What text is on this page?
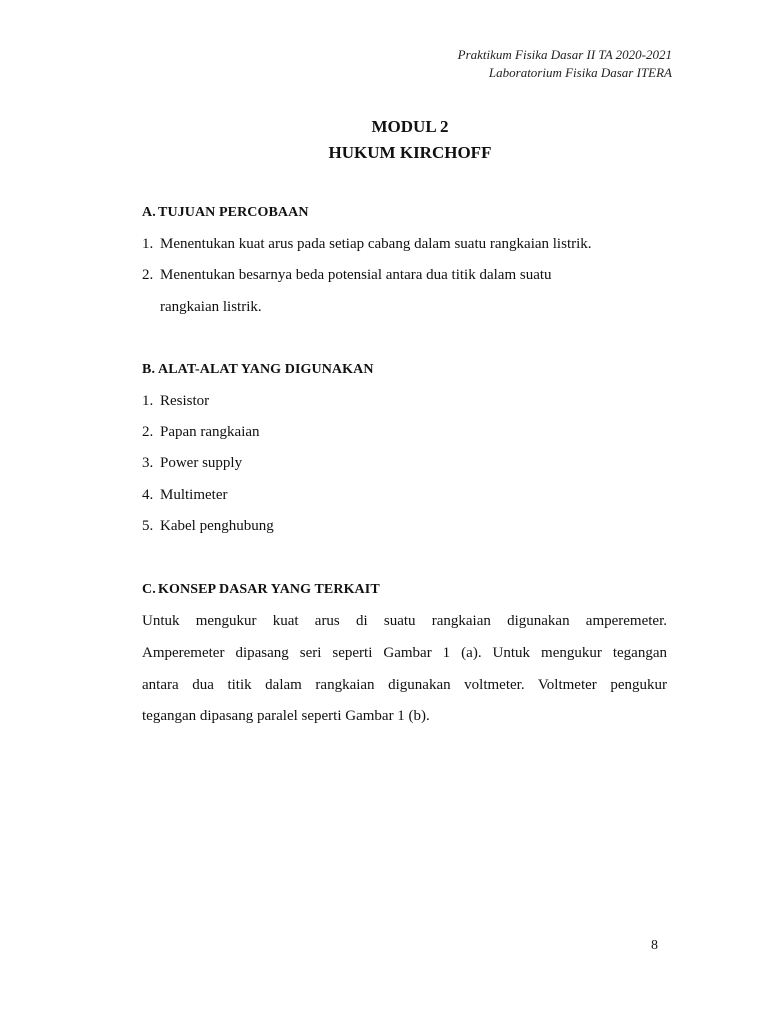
Praktikum Fisika Dasar II TA 2020-2021
Laboratorium Fisika Dasar ITERA
MODUL 2
HUKUM KIRCHOFF
A. TUJUAN PERCOBAAN
1. Menentukan kuat arus pada setiap cabang dalam suatu rangkaian listrik.
2. Menentukan besarnya beda potensial antara dua titik dalam suatu
rangkaian listrik.
B. ALAT-ALAT YANG DIGUNAKAN
1. Resistor
2. Papan rangkaian
3. Power supply
4. Multimeter
5. Kabel penghubung
C. KONSEP DASAR YANG TERKAIT
Untuk mengukur kuat arus di suatu rangkaian digunakan amperemeter.
Amperemeter dipasang seri seperti Gambar 1 (a). Untuk mengukur tegangan
antara dua titik dalam rangkaian digunakan voltmeter. Voltmeter pengukur
tegangan dipasang paralel seperti Gambar 1 (b).
8
